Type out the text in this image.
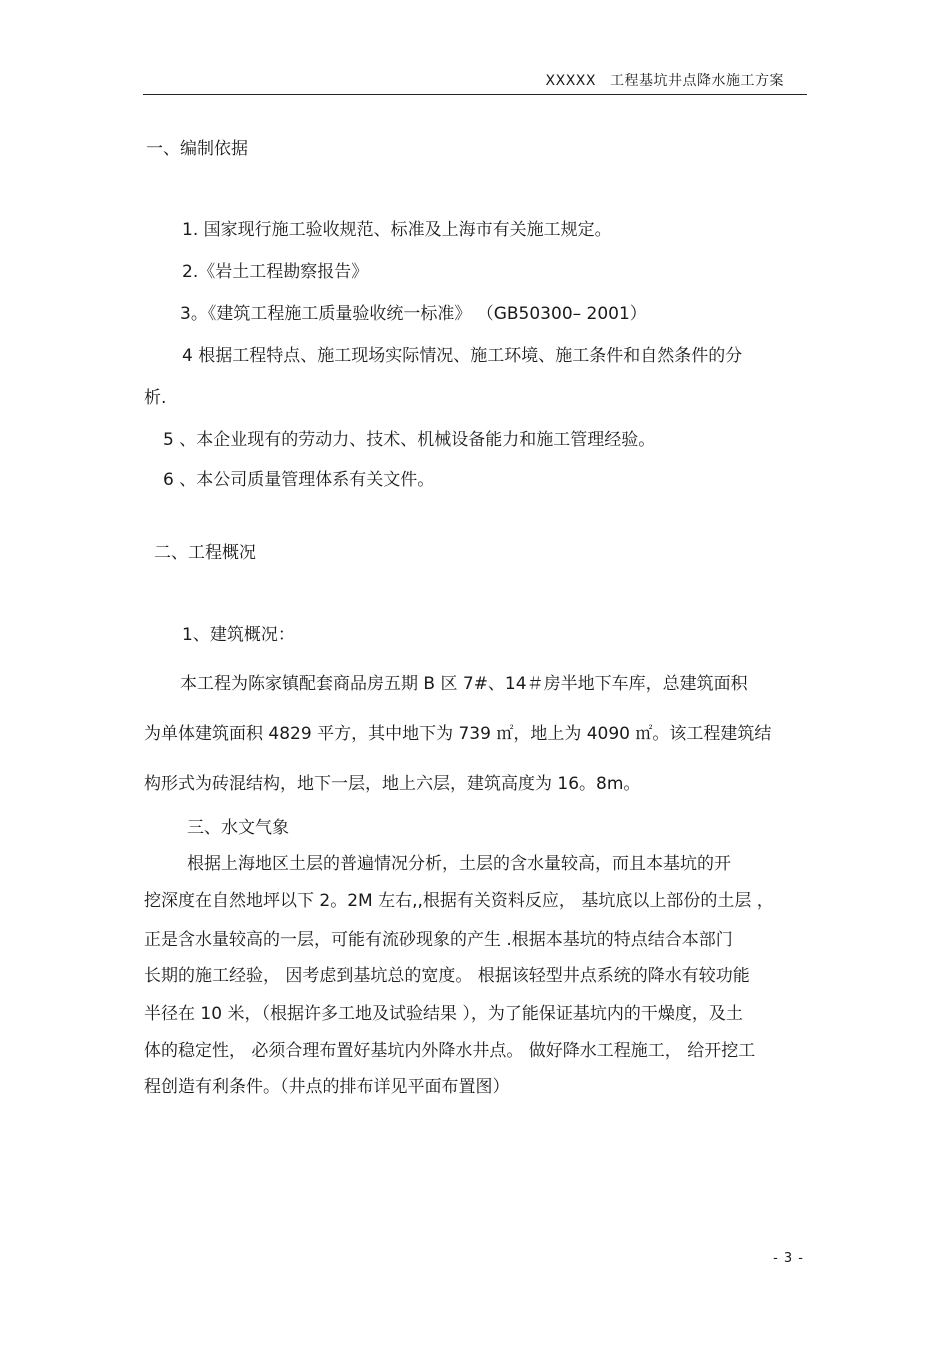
XXXXX 工程基坑井点降水施工方案
一、编制依据
1. 国家现行施工验收规范、标准及上海市有关施工规定。
2.《岩土工程勘察报告》
3。《建筑工程施工质量验收统一标准》 （GB50300– 2001）
4 根据工程特点、施工现场实际情况、施工环境、施工条件和自然条件的分
析.
5 、本企业现有的劳动力、技术、机械设备能力和施工管理经验。
6 、本公司质量管理体系有关文件。
二、工程概况
1、建筑概况：
本工程为陈家镇配套商品房五期 B 区 7#、14＃房半地下车库，总建筑面积
为单体建筑面积 4829 平方，其中地下为 739 ㎡，地上为 4090 ㎡。该工程建筑结
构形式为砖混结构，地下一层，地上六层，建筑高度为 16。8m。
三、水文气象
根据上海地区土层的普遍情况分析，土层的含水量较高，而且本基坑的开
挖深度在自然地坪以下 2。2M 左右,,根据有关资料反应， 基坑底以上部份的土层 ，
正是含水量较高的一层，可能有流砂现象的产生 .根据本基坑的特点结合本部门
长期的施工经验， 因考虑到基坑总的宽度。 根据该轻型井点系统的降水有较功能
半径在 10 米，（根据许多工地及试验结果 ），为了能保证基坑内的干燥度，及土
体的稳定性， 必须合理布置好基坑内外降水井点。 做好降水工程施工， 给开挖工
程创造有利条件。（井点的排布详见平面布置图）
- 3 -
